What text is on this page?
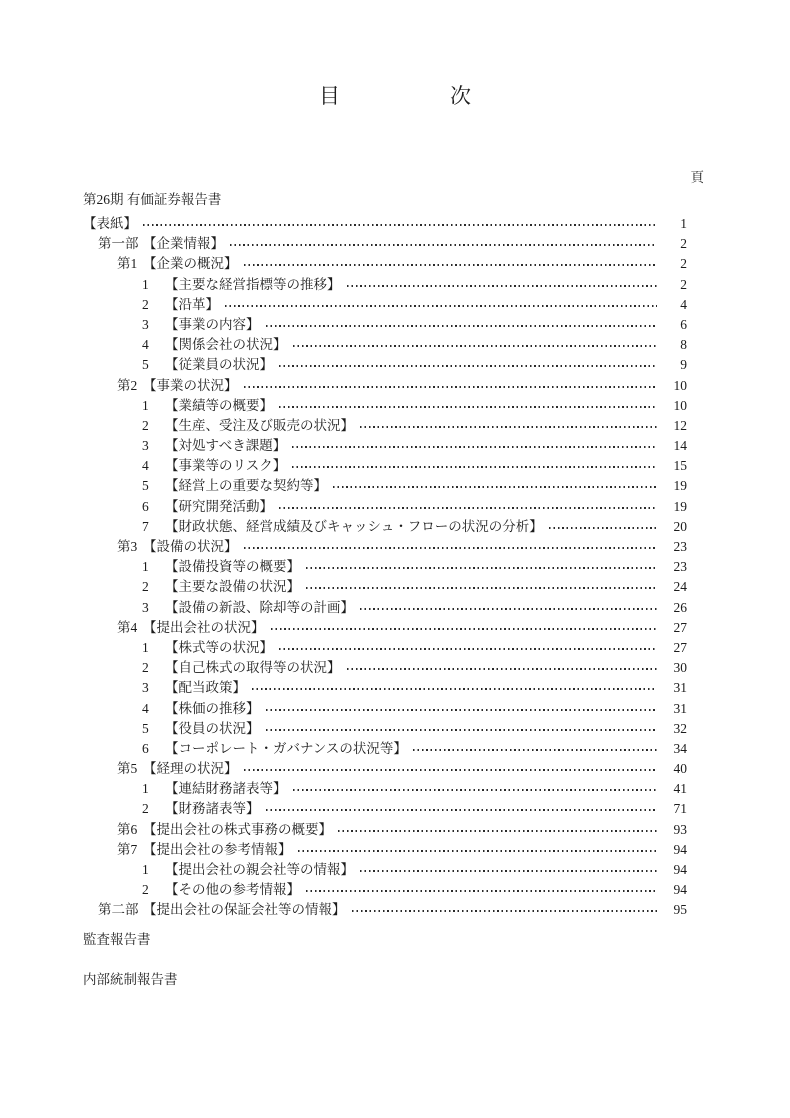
目	次
頁
第26期 有価証券報告書
【表紙】	1
第一部 【企業情報】	2
第1 【企業の概況】	2
1	【主要な経営指標等の推移】	2
2	【沿革】	4
3	【事業の内容】	6
4	【関係会社の状況】	8
5	【従業員の状況】	9
第2 【事業の状況】	10
1	【業績等の概要】	10
2	【生産、受注及び販売の状況】	12
3	【対処すべき課題】	14
4	【事業等のリスク】	15
5	【経営上の重要な契約等】	19
6	【研究開発活動】	19
7	【財政状態、経営成績及びキャッシュ・フローの状況の分析】	20
第3 【設備の状況】	23
1	【設備投資等の概要】	23
2	【主要な設備の状況】	24
3	【設備の新設、除却等の計画】	26
第4 【提出会社の状況】	27
1	【株式等の状況】	27
2	【自己株式の取得等の状況】	30
3	【配当政策】	31
4	【株価の推移】	31
5	【役員の状況】	32
6	【コーポレート・ガバナンスの状況等】	34
第5 【経理の状況】	40
1	【連結財務諸表等】	41
2	【財務諸表等】	71
第6 【提出会社の株式事務の概要】	93
第7 【提出会社の参考情報】	94
1	【提出会社の親会社等の情報】	94
2	【その他の参考情報】	94
第二部 【提出会社の保証会社等の情報】	95
監査報告書
内部統制報告書
